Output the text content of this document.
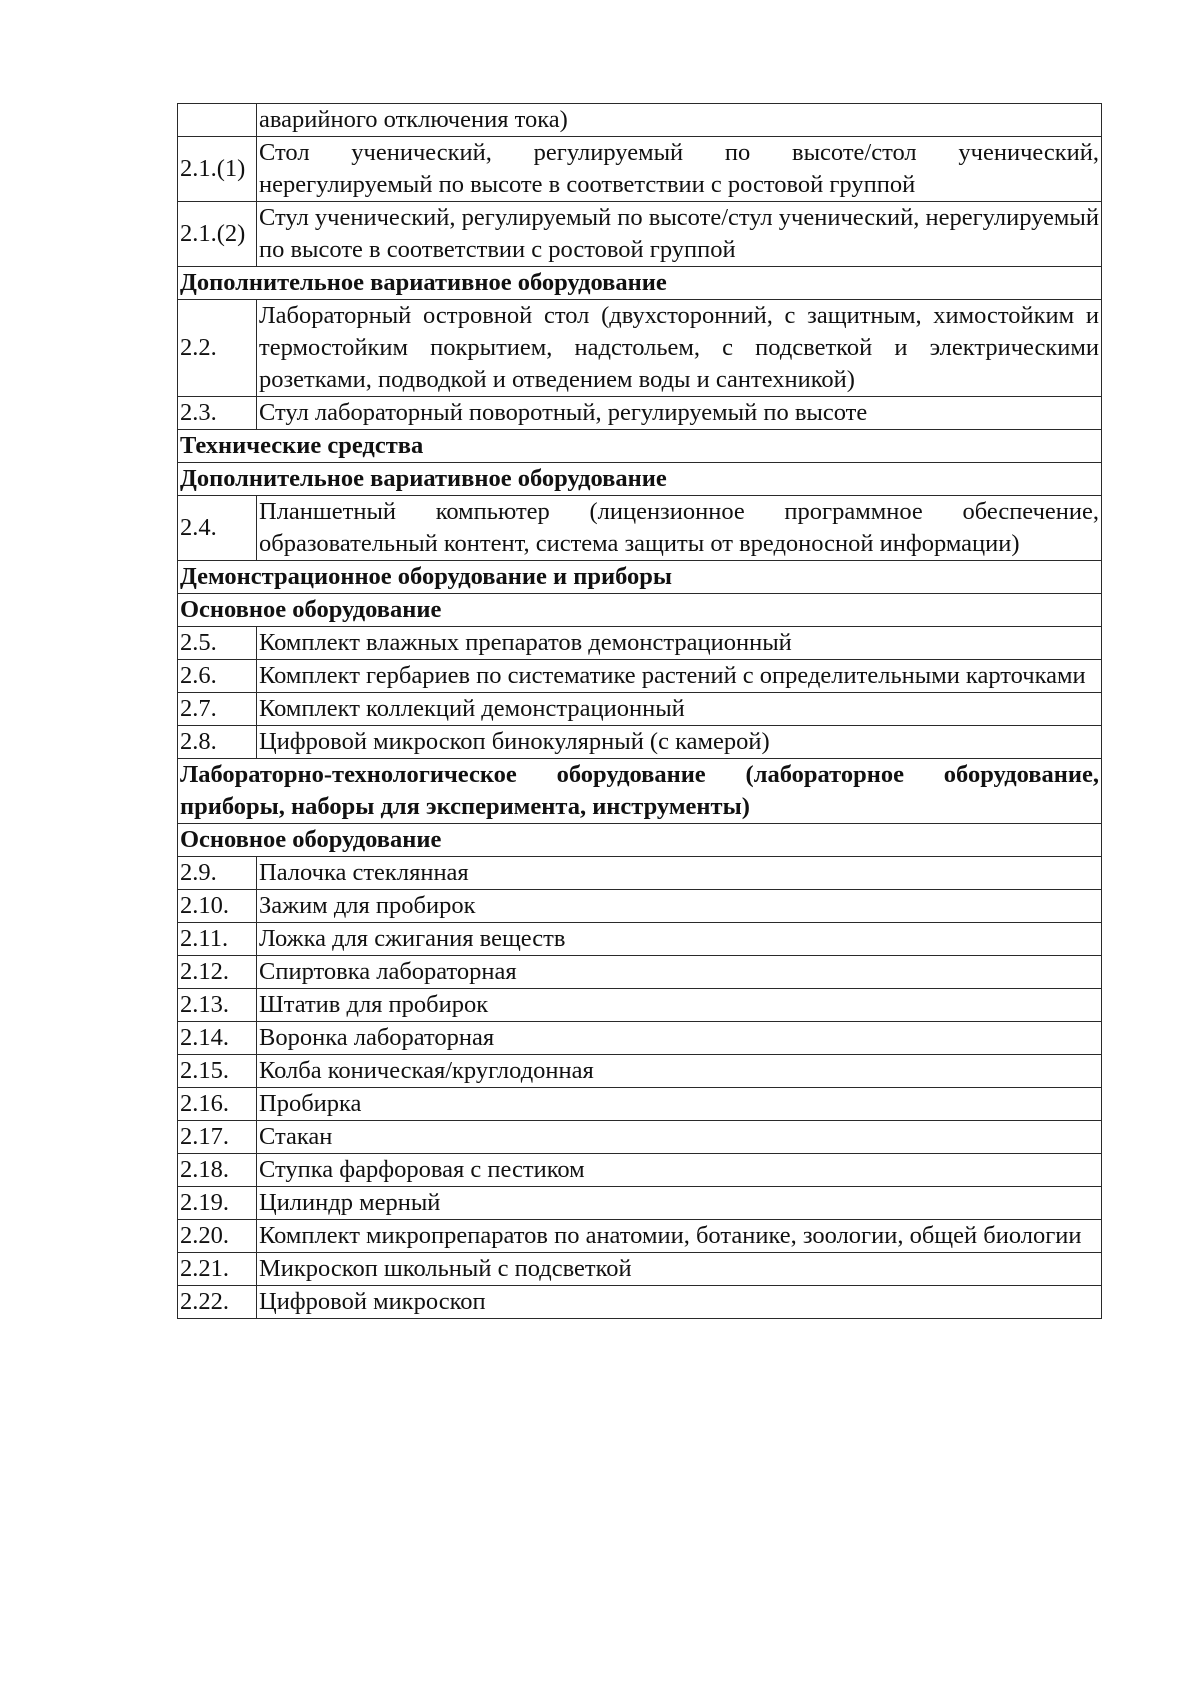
	аварийного отключения тока)
2.1.(1)	Стол ученический, регулируемый по высоте/стол ученический, нерегулируемый по высоте в соответствии с ростовой группой
2.1.(2)	Стул ученический, регулируемый по высоте/стул ученический, нерегулируемый по высоте в соответствии с ростовой группой
Дополнительное вариативное оборудование	
2.2.	Лабораторный островной стол (двухсторонний, с защитным, химостойким и термостойким покрытием, надстольем, с подсветкой и электрическими розетками, подводкой и отведением воды и сантехникой)
2.3.	Стул лабораторный поворотный, регулируемый по высоте
Технические средства	
Дополнительное вариативное оборудование	
2.4.	Планшетный компьютер (лицензионное программное обеспечение, образовательный контент, система защиты от вредоносной информации)
Демонстрационное оборудование и приборы	
Основное оборудование	
2.5.	Комплект влажных препаратов демонстрационный
2.6.	Комплект гербариев по систематике растений с определительными карточками
2.7.	Комплект коллекций демонстрационный
2.8.	Цифровой микроскоп бинокулярный (с камерой)
Лабораторно-технологическое оборудование (лабораторное оборудование, приборы, наборы для эксперимента, инструменты)	
Основное оборудование	
2.9.	Палочка стеклянная
2.10.	Зажим для пробирок
2.11.	Ложка для сжигания веществ
2.12.	Спиртовка лабораторная
2.13.	Штатив для пробирок
2.14.	Воронка лабораторная
2.15.	Колба коническая/круглодонная
2.16.	Пробирка
2.17.	Стакан
2.18.	Ступка фарфоровая с пестиком
2.19.	Цилиндр мерный
2.20.	Комплект микропрепаратов по анатомии, ботанике, зоологии, общей биологии
2.21.	Микроскоп школьный с подсветкой
2.22.	Цифровой микроскоп
